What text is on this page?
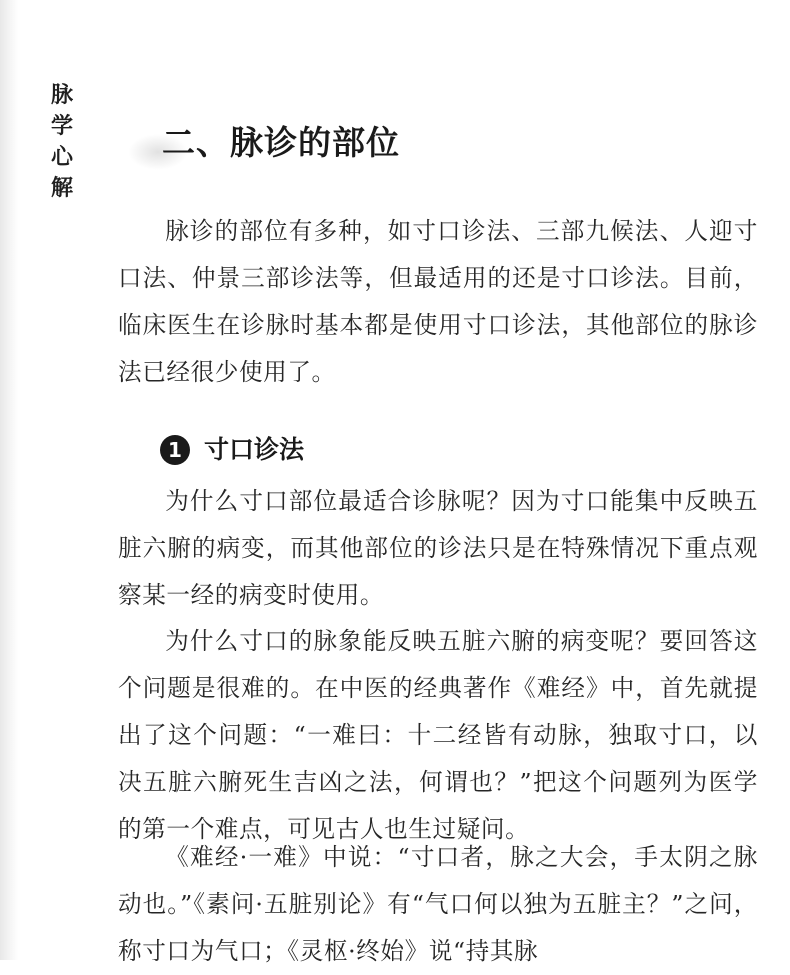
脉
学
心
解
二、脉诊的部位

脉诊的部位有多种，如寸口诊法、三部九候法、人迎寸口法、仲景三部诊法等，但最适用的还是寸口诊法。目前，临床医生在诊脉时基本都是使用寸口诊法，其他部位的脉诊法已经很少使用了。

1 寸口诊法

为什么寸口部位最适合诊脉呢？因为寸口能集中反映五脏六腑的病变，而其他部位的诊法只是在特殊情况下重点观察某一经的病变时使用。

为什么寸口的脉象能反映五脏六腑的病变呢？要回答这个问题是很难的。在中医的经典著作《难经》中，首先就提出了这个问题：“一难曰：十二经皆有动脉，独取寸口，以决五脏六腑死生吉凶之法，何谓也？”把这个问题列为医学的第一个难点，可见古人也生过疑问。

《难经·一难》中说：“寸口者，脉之大会，手太阴之脉动也。”《素问·五脏别论》有“气口何以独为五脏主？”之问，称寸口为气口；《灵枢·终始》说“持其脉
